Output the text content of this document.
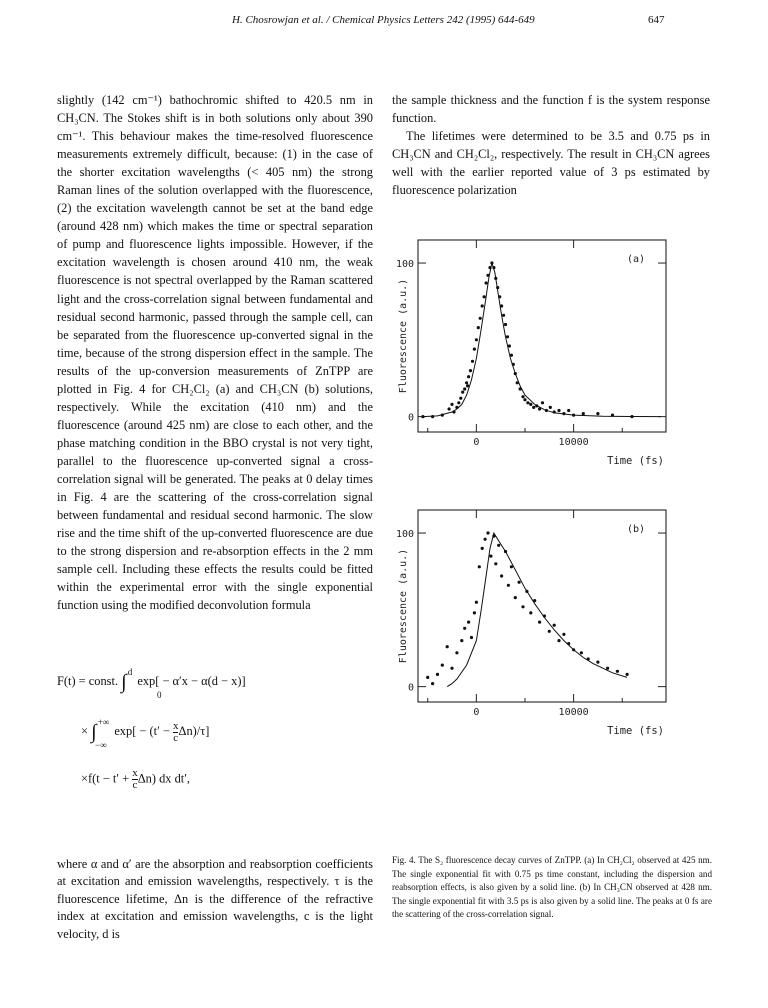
H. Chosrowjan et al. / Chemical Physics Letters 242 (1995) 644-649	647

slightly (142 cm⁻¹) bathochromic shifted to 420.5 nm in CH₃CN. The Stokes shift is in both solutions only about 390 cm⁻¹. This behaviour makes the time-resolved fluorescence measurements extremely difficult, because: (1) in the case of the shorter excitation wavelengths (< 405 nm) the strong Raman lines of the solution overlapped with the fluorescence, (2) the excitation wavelength cannot be set at the band edge (around 428 nm) which makes the time or spectral separation of pump and fluorescence lights impossible. However, if the excitation wavelength is chosen around 410 nm, the weak fluorescence is not spectral overlapped by the Raman scattered light and the cross-correlation signal between fundamental and residual second harmonic, passed through the sample cell, can be separated from the fluorescence up-converted signal in the time, because of the strong dispersion effect in the sample. The results of the up-conversion measurements of ZnTPP are plotted in Fig. 4 for CH₂Cl₂ (a) and CH₃CN (b) solutions, respectively. While the excitation (410 nm) and the fluorescence (around 425 nm) are close to each other, and the phase matching condition in the BBO crystal is not very tight, parallel to the fluorescence up-converted signal a cross-correlation signal will be generated. The peaks at 0 delay times in Fig. 4 are the scattering of the cross-correlation signal between fundamental and residual second harmonic. The slow rise and the time shift of the up-converted fluorescence are due to the strong dispersion and re-absorption effects in the 2 mm sample cell. Including these effects the results could be fitted within the experimental error with the single exponential function using the modified deconvolution formula

F(t) = const. ∫ $^d$
0
exp[ − α′x − α(d − x)]
× ∫ +∞
−∞
$\exp[ - (t' - \frac{x}{c} \Delta n)/\tau]$
$\times f(t - t' + \frac{x}{c} \Delta n)$ dx dt′,
where α and α′ are the absorption and reabsorption coefficients at excitation and emission wavelengths, respectively. τ is the fluorescence lifetime, Δn is the difference of the refractive index at excitation and emission wavelengths, c is the light velocity, d is

the sample thickness and the function f is the system response function.

The lifetimes were determined to be 3.5 and 0.75 ps in CH₃CN and CH₂Cl₂, respectively. The result in CH₃CN agrees well with the earlier reported value of 3 ps estimated by fluorescence polarization

0
100
0	10000
Fluorescence (a.u.)
Time (fs)
(a)
0
100
0	10000
Fluorescence (a.u.)
Time (fs)
(b)
Fig. 4. The S₂ fluorescence decay curves of ZnTPP. (a) In CH₂Cl₂ observed at 425 nm. The single exponential fit with 0.75 ps time constant, including the dispersion and reabsorption effects, is also given by a solid line. (b) In CH₃CN observed at 428 nm. The single exponential fit with 3.5 ps is also given by a solid line. The peaks at 0 fs are the scattering of the cross-correlation signal.
